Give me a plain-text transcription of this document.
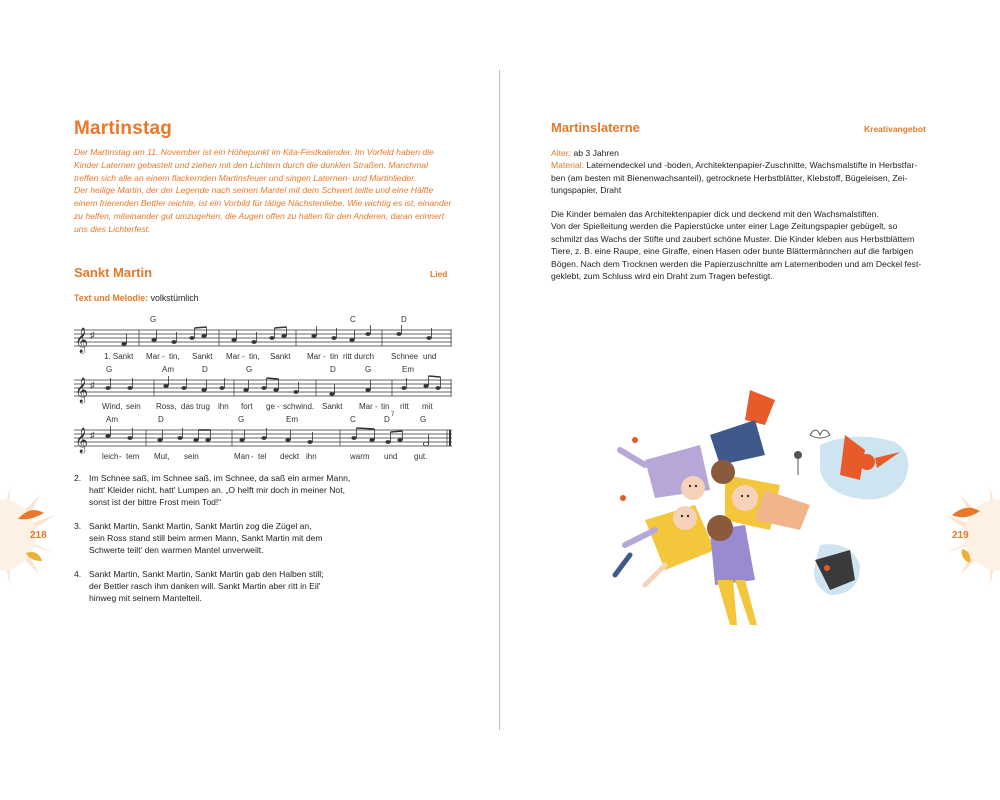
Martinstag

Der Martinstag am 11. November ist ein Höhepunkt im Kita-Festkalender. Im Vorfeld haben die

Kinder Laternen gebastelt und ziehen mit den Lichtern durch die dunklen Straßen. Manchmal

treffen sich alle an einem flackernden Martinsfeuer und singen Laternen- und Martinlieder.

Der heilige Martin, der der Legende nach seinen Mantel mit dem Schwert teilte und eine Hälfte

einem frierenden Bettler reichte, ist ein Vorbild für tätige Nächstenliebe. Wie wichtig es ist, einander

zu helfen, miteinander gut umzugehen, die Augen offen zu halten für den Anderen, daran erinnert

uns dies Lichterfest.

Sankt Martin	Lied
Text und Melodie: volkstümlich
G	C	D
𝄞 ♯
1. Sankt Mar - tin, Sankt Mar - tin, Sankt Mar - tin ritt durch Schnee und
G	Am	D	G	D	G	Em
𝄞 ♯
Wind, sein Ross, das trug ihn fort ge - schwind. Sankt Mar - tin ritt mit
Am	D	G	Em	C	D 7	G
𝄞 ♯
leich - tem Mut, sein	Man - tel deckt ihn	warm und gut.
2. Im Schnee saß, im Schnee saß, im Schnee, da saß ein armer Mann,

hatt' Kleider nicht, hatt' Lumpen an. „O helft mir doch in meiner Not,

sonst ist der bittre Frost mein Tod!“

3. Sankt Martin, Sankt Martin, Sankt Martin zog die Zügel an,

sein Ross stand still beim armen Mann, Sankt Martin mit dem

Schwerte teilt' den warmen Mantel unverweilt.

4. Sankt Martin, Sankt Martin, Sankt Martin gab den Halben still;

der Bettler rasch ihm danken will. Sankt Martin aber ritt in Eil'

hinweg mit seinem Mantelteil.

218
Martinslaterne	Kreativangebot

Alter: ab 3 Jahren

Material: Laternendeckel und -boden, Architektenpapier-Zuschnitte, Wachsmalstifte in Herbstfar-

ben (am besten mit Bienenwachsanteil), getrocknete Herbstblätter, Klebstoff, Bügeleisen, Zei-

tungspapier, Draht

Die Kinder bemalen das Architektenpapier dick und deckend mit den Wachsmalstiften.

Von der Spielleitung werden die Papierstücke unter einer Lage Zeitungspapier gebügelt, so

schmilzt das Wachs der Stifte und zaubert schöne Muster. Die Kinder kleben aus Herbstblättern

Tiere, z. B. eine Raupe, eine Giraffe, einen Hasen oder bunte Blättermännchen auf die farbigen

Bögen. Nach dem Trocknen werden die Papierzuschnitte am Laternenboden und am Deckel fest-

geklebt, zum Schluss wird ein Draht zum Tragen befestigt.

219
